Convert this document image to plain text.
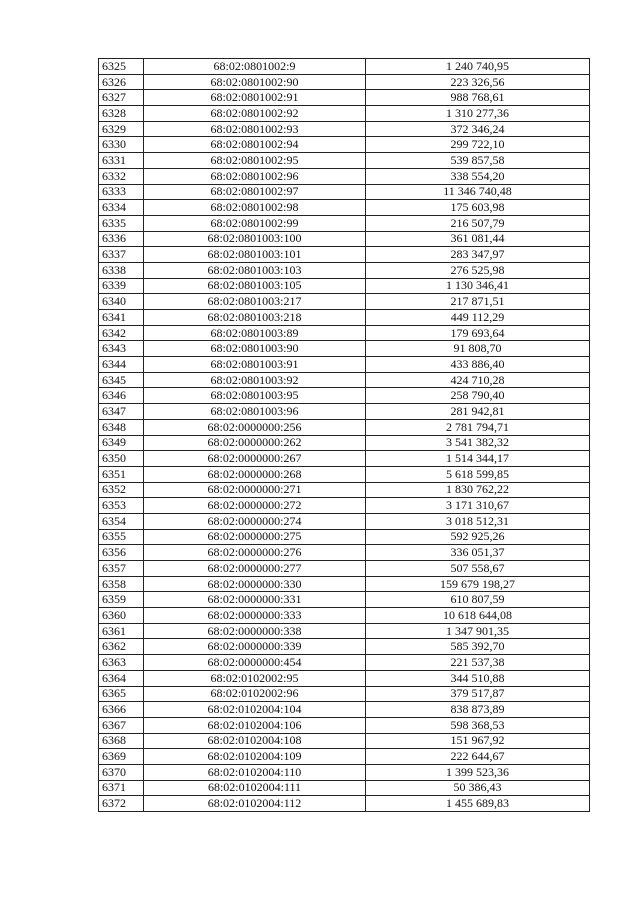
6325	68:02:0801002:9	1 240 740,95
6326	68:02:0801002:90	223 326,56
6327	68:02:0801002:91	988 768,61
6328	68:02:0801002:92	1 310 277,36
6329	68:02:0801002:93	372 346,24
6330	68:02:0801002:94	299 722,10
6331	68:02:0801002:95	539 857,58
6332	68:02:0801002:96	338 554,20
6333	68:02:0801002:97	11 346 740,48
6334	68:02:0801002:98	175 603,98
6335	68:02:0801002:99	216 507,79
6336	68:02:0801003:100	361 081,44
6337	68:02:0801003:101	283 347,97
6338	68:02:0801003:103	276 525,98
6339	68:02:0801003:105	1 130 346,41
6340	68:02:0801003:217	217 871,51
6341	68:02:0801003:218	449 112,29
6342	68:02:0801003:89	179 693,64
6343	68:02:0801003:90	91 808,70
6344	68:02:0801003:91	433 886,40
6345	68:02:0801003:92	424 710,28
6346	68:02:0801003:95	258 790,40
6347	68:02:0801003:96	281 942,81
6348	68:02:0000000:256	2 781 794,71
6349	68:02:0000000:262	3 541 382,32
6350	68:02:0000000:267	1 514 344,17
6351	68:02:0000000:268	5 618 599,85
6352	68:02:0000000:271	1 830 762,22
6353	68:02:0000000:272	3 171 310,67
6354	68:02:0000000:274	3 018 512,31
6355	68:02:0000000:275	592 925,26
6356	68:02:0000000:276	336 051,37
6357	68:02:0000000:277	507 558,67
6358	68:02:0000000:330	159 679 198,27
6359	68:02:0000000:331	610 807,59
6360	68:02:0000000:333	10 618 644,08
6361	68:02:0000000:338	1 347 901,35
6362	68:02:0000000:339	585 392,70
6363	68:02:0000000:454	221 537,38
6364	68:02:0102002:95	344 510,88
6365	68:02:0102002:96	379 517,87
6366	68:02:0102004:104	838 873,89
6367	68:02:0102004:106	598 368,53
6368	68:02:0102004:108	151 967,92
6369	68:02:0102004:109	222 644,67
6370	68:02:0102004:110	1 399 523,36
6371	68:02:0102004:111	50 386,43
6372	68:02:0102004:112	1 455 689,83
